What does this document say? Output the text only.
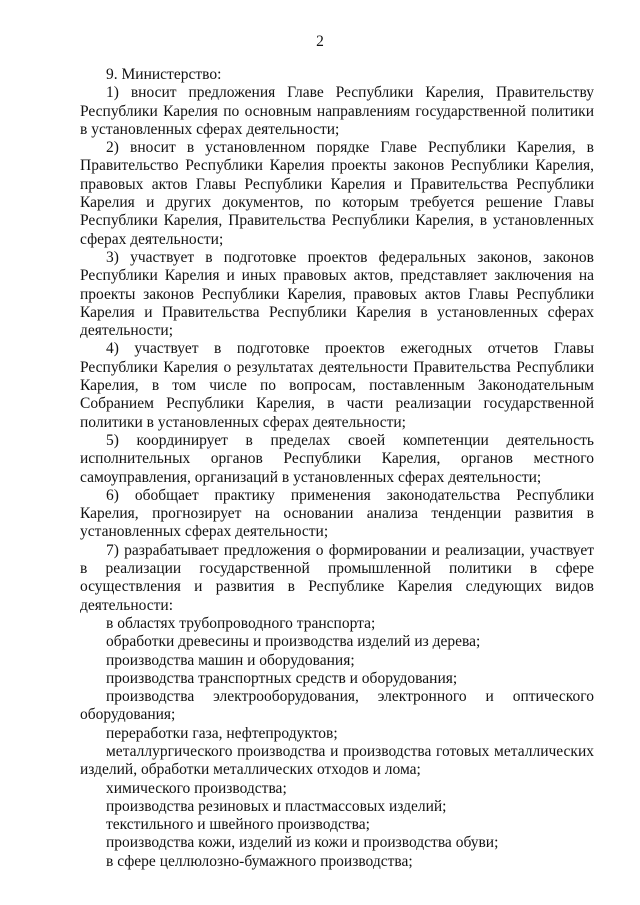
2

9. Министерство:

1) вносит предложения Главе Республики Карелия, Правительству Республики Карелия по основным направлениям государственной политики в установленных сферах деятельности;

2) вносит в установленном порядке Главе Республики Карелия, в Правительство Республики Карелия проекты законов Республики Карелия, правовых актов Главы Республики Карелия и Правительства Республики Карелия и других документов, по которым требуется решение Главы Республики Карелия, Правительства Республики Карелия, в установленных сферах деятельности;

3) участвует в подготовке проектов федеральных законов, законов Республики Карелия и иных правовых актов, представляет заключения на проекты законов Республики Карелия, правовых актов Главы Республики Карелия и Правительства Республики Карелия в установленных сферах деятельности;

4) участвует в подготовке проектов ежегодных отчетов Главы Республики Карелия о результатах деятельности Правительства Республики Карелия, в том числе по вопросам, поставленным Законодательным Собранием Республики Карелия, в части реализации государственной политики в установленных сферах деятельности;

5) координирует в пределах своей компетенции деятельность исполнительных органов Республики Карелия, органов местного самоуправления, организаций в установленных сферах деятельности;

6) обобщает практику применения законодательства Республики Карелия, прогнозирует на основании анализа тенденции развития в установленных сферах деятельности;

7) разрабатывает предложения о формировании и реализации, участвует в реализации государственной промышленной политики в сфере осуществления и развития в Республике Карелия следующих видов деятельности:

в областях трубопроводного транспорта;

обработки древесины и производства изделий из дерева;

производства машин и оборудования;

производства транспортных средств и оборудования;

производства электрооборудования, электронного и оптического оборудования;

переработки газа, нефтепродуктов;

металлургического производства и производства готовых металлических изделий, обработки металлических отходов и лома;

химического производства;

производства резиновых и пластмассовых изделий;

текстильного и швейного производства;

производства кожи, изделий из кожи и производства обуви;

в сфере целлюлозно-бумажного производства;
